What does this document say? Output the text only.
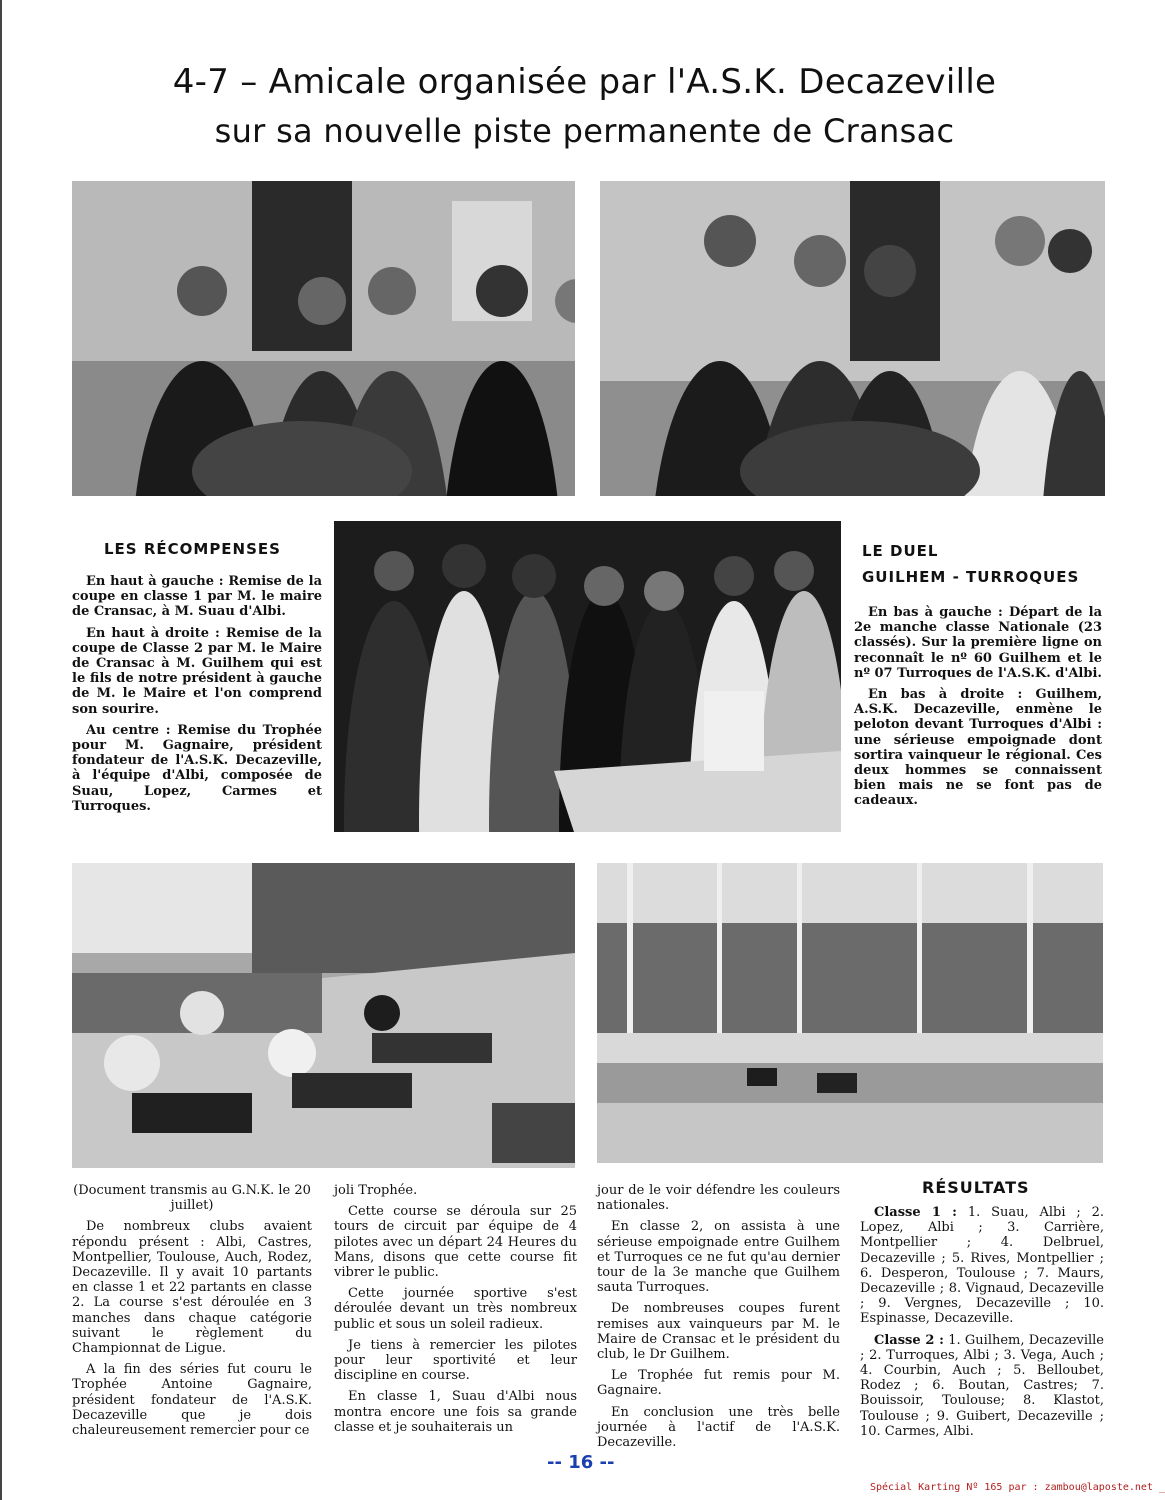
4-7 – Amicale organisée par l'A.S.K. Decazeville
sur sa nouvelle piste permanente de Cransac
LES RÉCOMPENSES

En haut à gauche : Remise de la coupe en classe 1 par M. le maire de Cransac, à M. Suau d'Albi.

En haut à droite : Remise de la coupe de Classe 2 par M. le Maire de Cransac à M. Guilhem qui est le fils de notre président à gauche de M. le Maire et l'on comprend son sourire.

Au centre : Remise du Trophée pour M. Gagnaire, président fondateur de l'A.S.K. Decazeville, à l'équipe d'Albi, composée de Suau, Lopez, Carmes et Turroques.

LE DUEL
GUILHEM - TURROQUES

En bas à gauche : Départ de la 2e manche classe Nationale (23 classés). Sur la première ligne on reconnaît le nº 60 Guilhem et le nº 07 Turroques de l'A.S.K. d'Albi.

En bas à droite : Guilhem, A.S.K. Decazeville, enmène le peloton devant Turroques d'Albi : une sérieuse empoignade dont sortira vainqueur le régional. Ces deux hommes se connaissent bien mais ne se font pas de cadeaux.

(Document transmis au G.N.K. le 20 juillet)

De nombreux clubs avaient répondu présent : Albi, Castres, Montpellier, Toulouse, Auch, Rodez, Decazeville. Il y avait 10 partants en classe 1 et 22 partants en classe 2. La course s'est déroulée en 3 manches dans chaque catégorie suivant le règlement du Championnat de Ligue.

A la fin des séries fut couru le Trophée Antoine Gagnaire, président fondateur de l'A.S.K. Decazeville que je dois chaleureusement remercier pour ce

joli Trophée.

Cette course se déroula sur 25 tours de circuit par équipe de 4 pilotes avec un départ 24 Heures du Mans, disons que cette course fit vibrer le public.

Cette journée sportive s'est déroulée devant un très nombreux public et sous un soleil radieux.

Je tiens à remercier les pilotes pour leur sportivité et leur discipline en course.

En classe 1, Suau d'Albi nous montra encore une fois sa grande classe et je souhaiterais un

jour de le voir défendre les couleurs nationales.

En classe 2, on assista à une sérieuse empoignade entre Guilhem et Turroques ce ne fut qu'au dernier tour de la 3e manche que Guilhem sauta Turroques.

De nombreuses coupes furent remises aux vainqueurs par M. le Maire de Cransac et le président du club, le Dr Guilhem.

Le Trophée fut remis pour M. Gagnaire.

En conclusion une très belle journée à l'actif de l'A.S.K. Decazeville.

RÉSULTATS

Classe 1 : 1. Suau, Albi ; 2. Lopez, Albi ; 3. Carrière, Montpellier ; 4. Delbruel, Decazeville ; 5. Rives, Montpellier ; 6. Desperon, Toulouse ; 7. Maurs, Decazeville ; 8. Vignaud, Decazeville ; 9. Vergnes, Decazeville ; 10. Espinasse, Decazeville.

Classe 2 : 1. Guilhem, Decazeville ; 2. Turroques, Albi ; 3. Vega, Auch ; 4. Courbin, Auch ; 5. Belloubet, Rodez ; 6. Boutan, Castres; 7. Bouissoir, Toulouse; 8. Klastot, Toulouse ; 9. Guibert, Decazeville ; 10. Carmes, Albi.

-- 16 --
Spécial Karting Nº 165 par : zambou@laposte.net _
